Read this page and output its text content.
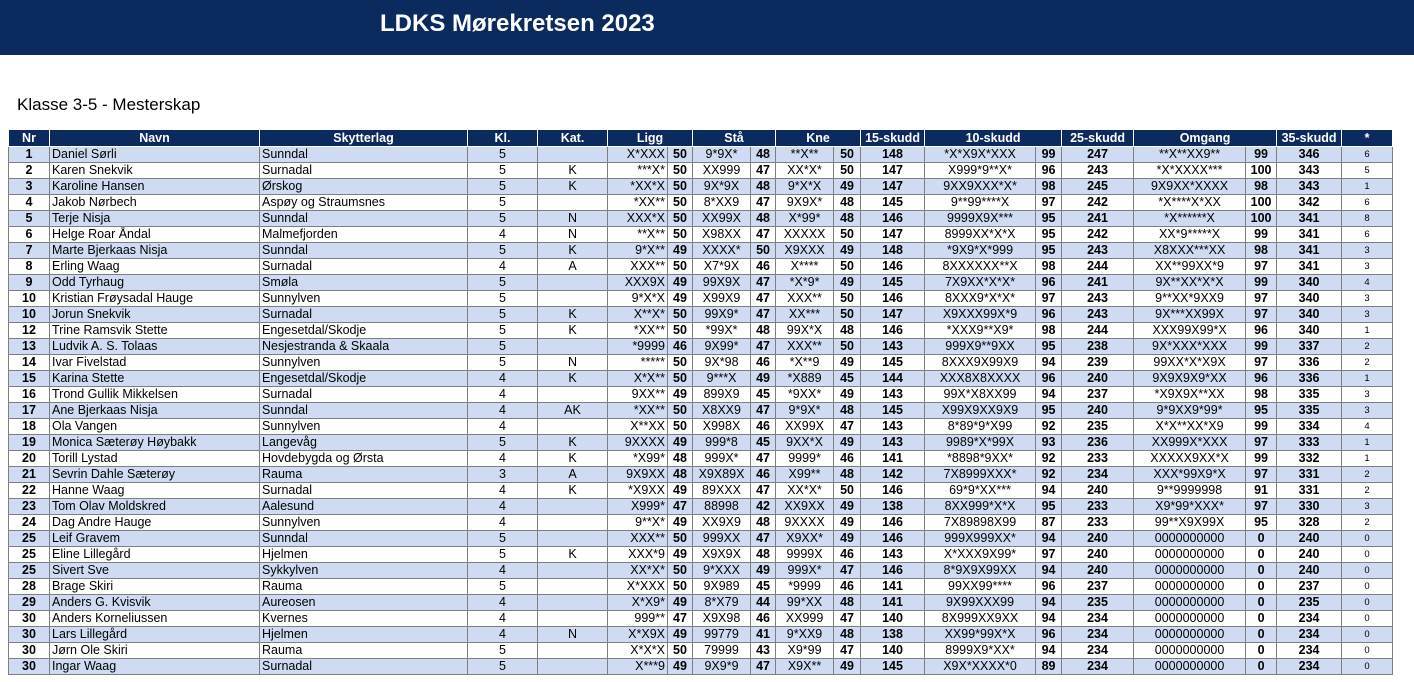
LDKS Mørekretsen 2023
Klasse 3-5 - Mesterskap
Nr	Navn	Skytterlag	Kl.	Kat.	Ligg		Stå		Kne		15-skudd	10-skudd		25-skudd	Omgang		35-skudd	*
1	Daniel Sørli	Sunndal	5		X*XXX	50	9*9X*	48	**X**	50	148	*X*X9X*XXX	99	247	**X**XX9**	99	346	6
2	Karen Snekvik	Surnadal	5	K	***X*	50	XX999	47	XX*X*	50	147	X999*9**X*	96	243	*X*XXXX***	100	343	5
3	Karoline Hansen	Ørskog	5	K	*XX*X	50	9X*9X	48	9*X*X	49	147	9XX9XXX*X*	98	245	9X9XX*XXXX	98	343	1
4	Jakob Nørbech	Aspøy og Straumsnes	5		*XX**	50	8*XX9	47	9X9X*	48	145	9**99****X	97	242	*X****X*XX	100	342	6
5	Terje Nisja	Sunndal	5	N	XXX*X	50	XX99X	48	X*99*	48	146	9999X9X***	95	241	*X******X	100	341	8
6	Helge Roar Åndal	Malmefjorden	4	N	**X**	50	X98XX	47	XXXXX	50	147	8999XX*X*X	95	242	XX*9*****X	99	341	6
7	Marte Bjerkaas Nisja	Sunndal	5	K	9*X**	49	XXXX*	50	X9XXX	49	148	*9X9*X*999	95	243	X8XXX***XX	98	341	3
8	Erling Waag	Surnadal	4	A	XXX**	50	X7*9X	46	X****	50	146	8XXXXXX**X	98	244	XX**99XX*9	97	341	3
9	Odd Tyrhaug	Smøla	5		XXX9X	49	99X9X	47	*X*9*	49	145	7X9XX*X*X*	96	241	9X**XX*X*X	99	340	4
10	Kristian Frøysadal Hauge	Sunnylven	5		9*X*X	49	X99X9	47	XXX**	50	146	8XXX9*X*X*	97	243	9**XX*9XX9	97	340	3
10	Jorun Snekvik	Surnadal	5	K	X**X*	50	99X9*	47	XX***	50	147	X9XXX99X*9	96	243	9X***XX99X	97	340	3
12	Trine Ramsvik Stette	Engesetdal/Skodje	5	K	*XX**	50	*99X*	48	99X*X	48	146	*XXX9**X9*	98	244	XXX99X99*X	96	340	1
13	Ludvik A. S. Tolaas	Nesjestranda & Skaala	5		*9999	46	9X99*	47	XXX**	50	143	999X9**9XX	95	238	9X*XXX*XXX	99	337	2
14	Ivar Fivelstad	Sunnylven	5	N	*****	50	9X*98	46	*X**9	49	145	8XXX9X99X9	94	239	99XX*X*X9X	97	336	2
15	Karina Stette	Engesetdal/Skodje	4	K	X*X**	50	9***X	49	*X889	45	144	XXX8X8XXXX	96	240	9X9X9X9*XX	96	336	1
16	Trond Gullik Mikkelsen	Surnadal	4		9XX**	49	899X9	45	*9XX*	49	143	99X*X8XX99	94	237	*X9X9X**XX	98	335	3
17	Ane Bjerkaas Nisja	Sunndal	4	AK	*XX**	50	X8XX9	47	9*9X*	48	145	X99X9XX9X9	95	240	9*9XX9*99*	95	335	3
18	Ola Vangen	Sunnylven	4		X**XX	50	X998X	46	XX99X	47	143	8*89*9*X99	92	235	X*X**XX*X9	99	334	4
19	Monica Sæterøy Høybakk	Langevåg	5	K	9XXXX	49	999*8	45	9XX*X	49	143	9989*X*99X	93	236	XX999X*XXX	97	333	1
20	Torill Lystad	Hovdebygda og Ørsta	4	K	*X99*	48	999X*	47	9999*	46	141	*8898*9XX*	92	233	XXXXX9XX*X	99	332	1
21	Sevrin Dahle Sæterøy	Rauma	3	A	9X9XX	48	X9X89X	46	X99**	48	142	7X8999XXX*	92	234	XXX*99X9*X	97	331	2
22	Hanne Waag	Surnadal	4	K	*X9XX	49	89XXX	47	XX*X*	50	146	69*9*XX***	94	240	9**9999998	91	331	2
23	Tom Olav Moldskred	Aalesund	4		X999*	47	88998	42	XX9XX	49	138	8XX999*X*X	95	233	X9*99*XXX*	97	330	3
24	Dag Andre Hauge	Sunnylven	4		9**X*	49	XX9X9	48	9XXXX	49	146	7X89898X99	87	233	99**X9X99X	95	328	2
25	Leif Gravem	Sunndal	5		XXX**	50	999XX	47	X9XX*	49	146	999X999XX*	94	240	0000000000	0	240	0
25	Eline Lillegård	Hjelmen	5	K	XXX*9	49	X9X9X	48	9999X	46	143	X*XXX9X99*	97	240	0000000000	0	240	0
25	Sivert Sve	Sykkylven	4		XX*X*	50	9*XXX	49	999X*	47	146	8*9X9X99XX	94	240	0000000000	0	240	0
28	Brage Skiri	Rauma	5		X*XXX	50	9X989	45	*9999	46	141	99XX99****	96	237	0000000000	0	237	0
29	Anders G. Kvisvik	Aureosen	4		X*X9*	49	8*X79	44	99*XX	48	141	9X99XXX99	94	235	0000000000	0	235	0
30	Anders Korneliussen	Kvernes	4		999**	47	X9X98	46	XX999	47	140	8X999XX9XX	94	234	0000000000	0	234	0
30	Lars Lillegård	Hjelmen	4	N	X*X9X	49	99779	41	9*XX9	48	138	XX99*99X*X	96	234	0000000000	0	234	0
30	Jørn Ole Skiri	Rauma	5		X*X*X	50	79999	43	X9*99	47	140	8999X9*XX*	94	234	0000000000	0	234	0
30	Ingar Waag	Surnadal	5		X***9	49	9X9*9	47	X9X**	49	145	X9X*XXXX*0	89	234	0000000000	0	234	0
